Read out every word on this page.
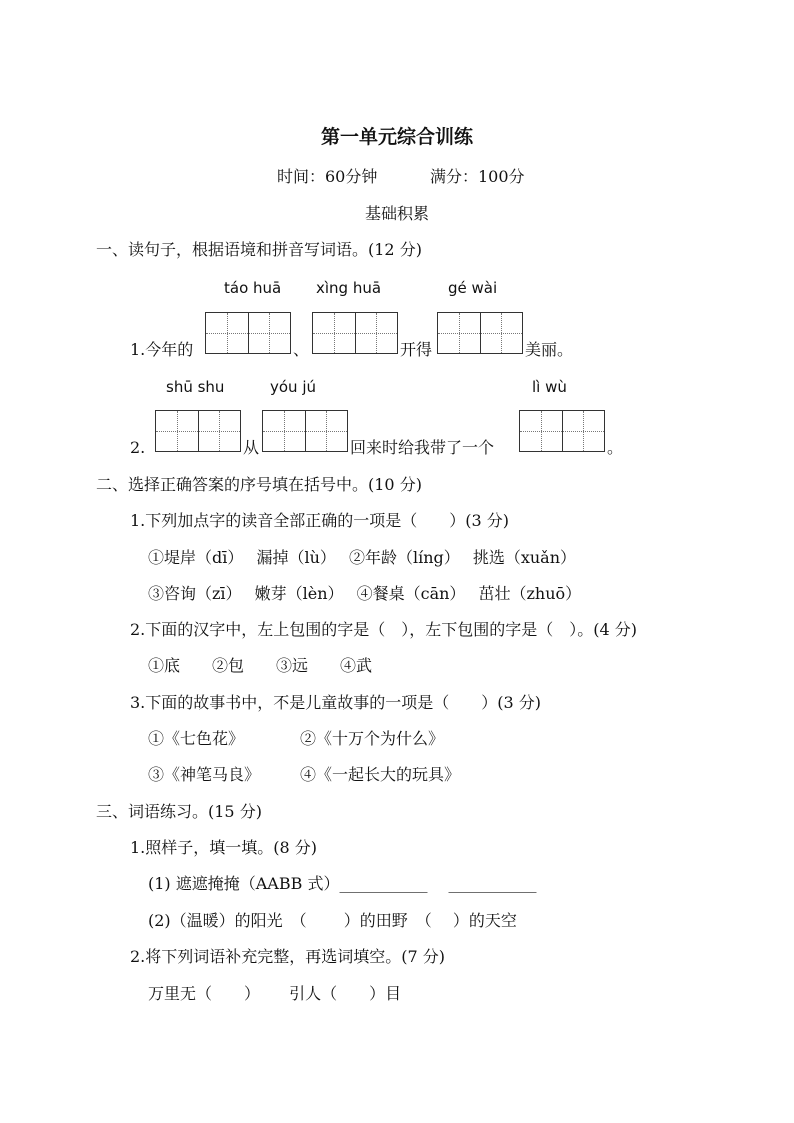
第一单元综合训练
时间：60分钟	满分：100分
基础积累
一、读句子，根据语境和拼音写词语。(12 分)
táo huā xìng huā	gé wài
1.今年的	、	开得	美丽。
shū shu	yóu jú	lì wù
2.	从	回来时给我带了一个	。
二、选择正确答案的序号填在括号中。(10 分)
1.下列加点字的读音全部正确的一项是（　　）(3 分)
①堤岸（dī）　 漏掉（lù）　 ②年龄（líng）　 挑选（xuǎn）
③咨询（zī）　 嫩芽（lèn）　 ④餐桌（cān）　 茁壮（zhuō）
2.下面的汉字中，左上包围的字是（　），左下包围的字是（　）。(4 分)
①底　　②包　　③远　　④武
3.下面的故事书中，不是儿童故事的一项是（　　）(3 分)
①《七色花》　　　　②《十万个为什么》
③《神笔马良》　　　④《一起长大的玩具》
三、词语练习。(15 分)
1.照样子，填一填。(8 分)
(1) 遮遮掩掩（AABB 式）___________　 ___________
(2)（温暖）的阳光　（　　 ）的田野　（　 ）的天空
2.将下列词语补充完整，再选词填空。(7 分)
万里无（　　）　　 引人（　　）目
